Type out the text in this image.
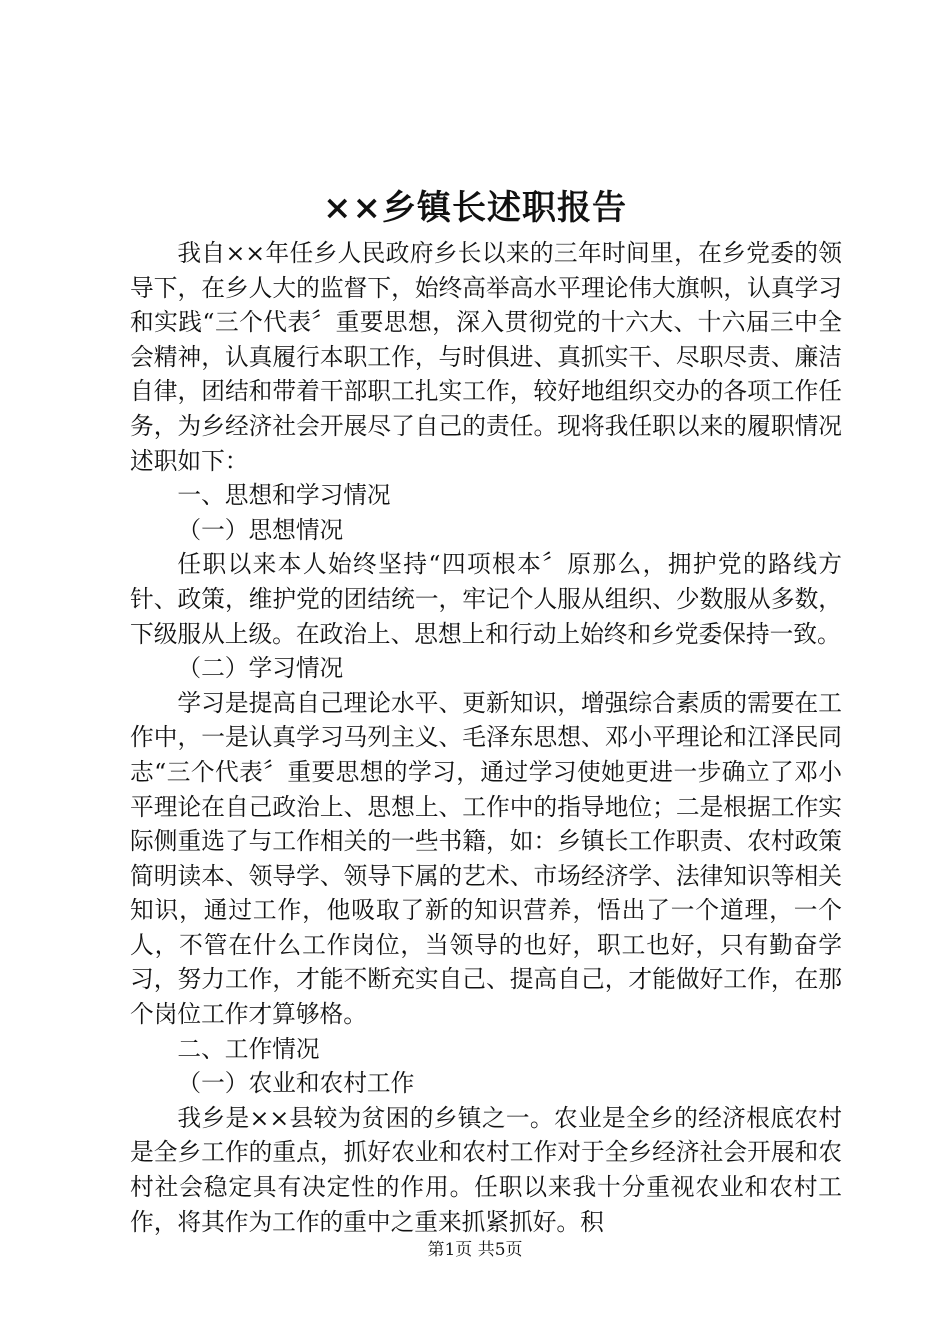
××乡镇长述职报告

我自××年任乡人民政府乡长以来的三年时间里，在乡党委的领导下，在乡人大的监督下，始终高举高水平理论伟大旗帜，认真学习和实践“三个代表〞重要思想，深入贯彻党的十六大、十六届三中全会精神，认真履行本职工作，与时俱进、真抓实干、尽职尽责、廉洁自律，团结和带着干部职工扎实工作，较好地组织交办的各项工作任务，为乡经济社会开展尽了自己的责任。现将我任职以来的履职情况述职如下：

一、思想和学习情况

（一）思想情况

任职以来本人始终坚持“四项根本〞原那么，拥护党的路线方针、政策，维护党的团结统一，牢记个人服从组织、少数服从多数，下级服从上级。在政治上、思想上和行动上始终和乡党委保持一致。

（二）学习情况

学习是提高自己理论水平、更新知识，增强综合素质的需要在工作中，一是认真学习马列主义、毛泽东思想、邓小平理论和江泽民同志“三个代表〞重要思想的学习，通过学习使她更进一步确立了邓小平理论在自己政治上、思想上、工作中的指导地位；二是根据工作实际侧重选了与工作相关的一些书籍，如：乡镇长工作职责、农村政策简明读本、领导学、领导下属的艺术、市场经济学、法律知识等相关知识，通过工作，他吸取了新的知识营养，悟出了一个道理，一个人，不管在什么工作岗位，当领导的也好，职工也好，只有勤奋学习，努力工作，才能不断充实自己、提高自己，才能做好工作，在那个岗位工作才算够格。

二、工作情况

（一）农业和农村工作

我乡是××县较为贫困的乡镇之一。农业是全乡的经济根底农村是全乡工作的重点，抓好农业和农村工作对于全乡经济社会开展和农村社会稳定具有决定性的作用。任职以来我十分重视农业和农村工作，将其作为工作的重中之重来抓紧抓好。积

第1页 共5页
